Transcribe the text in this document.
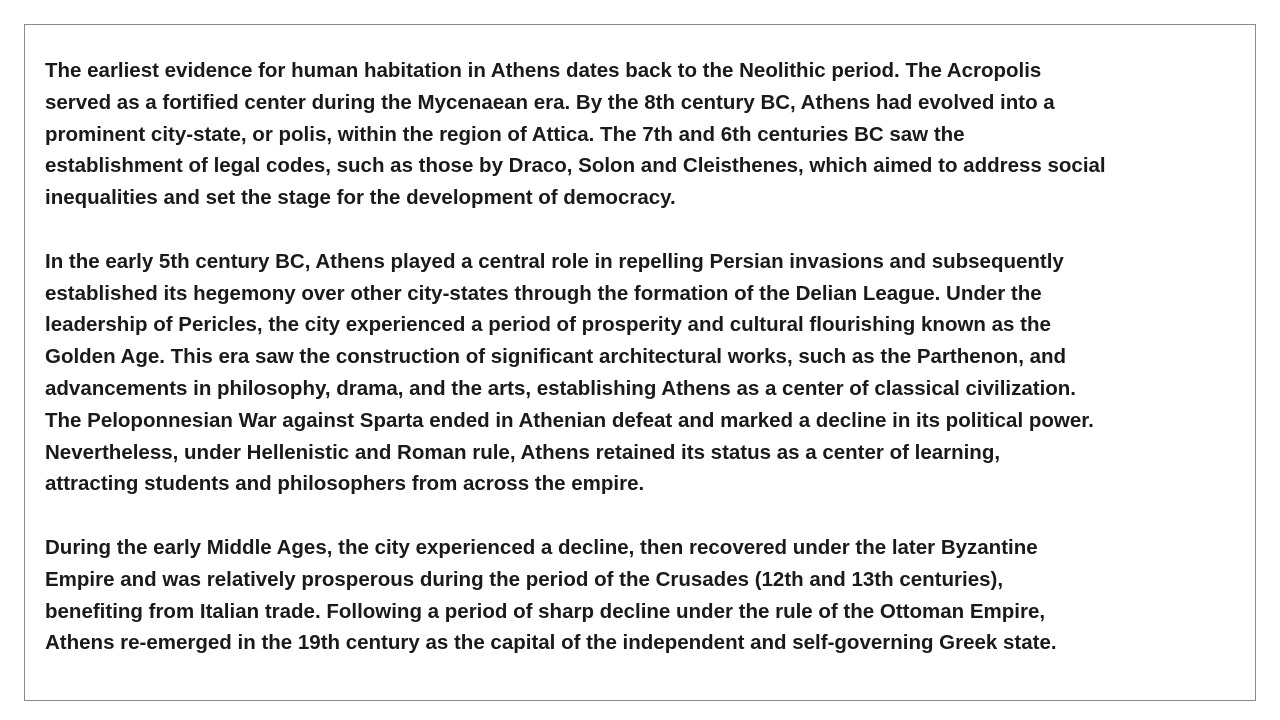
The earliest evidence for human habitation in Athens dates back to the Neolithic period. The Acropolis
served as a fortified center during the Mycenaean era. By the 8th century BC, Athens had evolved into a
prominent city-state, or polis, within the region of Attica. The 7th and 6th centuries BC saw the
establishment of legal codes, such as those by Draco, Solon and Cleisthenes, which aimed to address social
inequalities and set the stage for the development of democracy.

In the early 5th century BC, Athens played a central role in repelling Persian invasions and subsequently
established its hegemony over other city-states through the formation of the Delian League. Under the
leadership of Pericles, the city experienced a period of prosperity and cultural flourishing known as the
Golden Age. This era saw the construction of significant architectural works, such as the Parthenon, and
advancements in philosophy, drama, and the arts, establishing Athens as a center of classical civilization.
The Peloponnesian War against Sparta ended in Athenian defeat and marked a decline in its political power.
Nevertheless, under Hellenistic and Roman rule, Athens retained its status as a center of learning,
attracting students and philosophers from across the empire.

During the early Middle Ages, the city experienced a decline, then recovered under the later Byzantine
Empire and was relatively prosperous during the period of the Crusades (12th and 13th centuries),
benefiting from Italian trade. Following a period of sharp decline under the rule of the Ottoman Empire,
Athens re-emerged in the 19th century as the capital of the independent and self-governing Greek state.
